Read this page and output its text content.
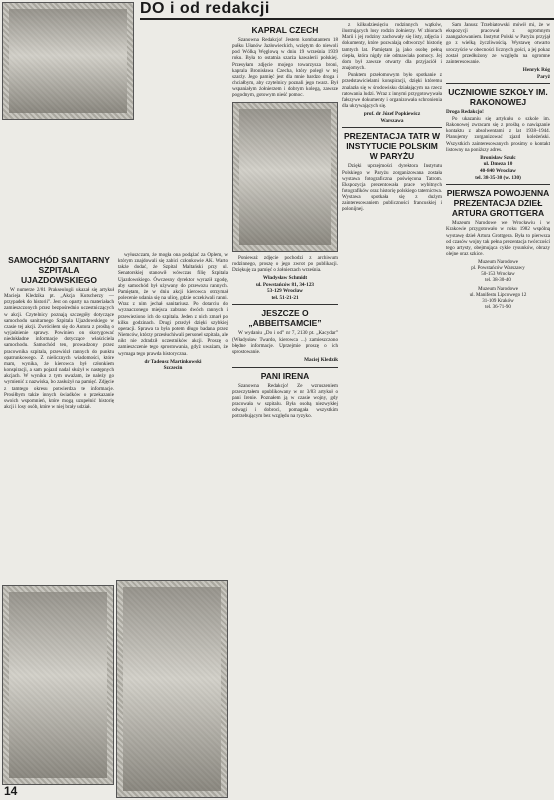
DO i od redakcji
SAMOCHÓD SANITARNY SZPITALA UJAZDOWSKIEGO

W numerze 2/81 Prakseologii ukazał się artykuł Macieja Kledzika pt. „Akcja Kutscherzy — przypadek do historii”. Jest on oparty na materiałach zamieszczonych przez bezpośrednio uczestniczących w akcji. Czytelnicy poznają szczegóły dotyczące samochodu sanitarnego Szpitala Ujazdowskiego w czasie tej akcji. Zwróciłem się do Autora z prośbą o wyjaśnienie sprawy. Powinien on skorygować niedokładne informacje dotyczące właściciela samochodu. Samochód ten, prowadzony przez pracownika szpitala, przewiózł rannych do punktu opatrunkowego. Z nielicznych wiadomości, które mam, wynika, że kierowca był członkiem konspiracji, a sam pojazd nadal służył w następnych akcjach. W wyniku z tym uważam, że należy go wymienić z nazwiska, bo zasłużył na pamięć. Zdjęcie z tamtego okresu potwierdza te informacje. Prosiłbym także innych świadków o przekazanie swoich wspomnień, które mogą uzupełnić historię akcji i losy osób, które w niej brały udział.

wyłuszczam, że mogła ona podążać za Oplem, w którym znajdowali się zabici członkowie AK. Warto także dodać, że Szpital Maltański przy ul. Senatorskiej stanowił wówczas filię Szpitala Ujazdowskiego. Ówczesny dyrektor wyraził zgodę, aby samochód był używany do przewozu rannych. Pamiętam, że w dniu akcji kierowca otrzymał polecenie udania się na ulicę, gdzie oczekiwali ranni. Wraz z nim jechał sanitariusz. Po dotarciu do wyznaczonego miejsca zabrano dwóch rannych i przewieziono ich do szpitala. Jeden z nich zmarł po kilku godzinach. Drugi przeżył dzięki szybkiej operacji. Sprawa ta była potem długo badana przez Niemców, którzy przesłuchiwali personel szpitala, ale nikt nie zdradził uczestników akcji. Proszę o zamieszczenie tego sprostowania, gdyż uważam, że wymaga tego prawda historyczna.

dr Tadeusz Martinkowski
Szczecin
KAPRAL CZECH

Szanowna Redakcjo! Jestem kombatantem 18 pułku Ułanów Jazłowieckich, wziętym do niewoli pod Wólką Węglową w dniu 19 września 1939 roku. Była to ostatnia szarża kawalerii polskiej. Przesyłam zdjęcie mojego towarzysza broni, kaprala Bronisława Czecha, który poległ w tej szarży. Jego pamięć jest dla mnie bardzo droga i chciałbym, aby czytelnicy poznali jego twarz. Był wspaniałym żołnierzem i dobrym kolegą, zawsze pogodnym, gotowym nieść pomoc.

Ponieważ zdjęcie pochodzi z archiwum rodzinnego, proszę o jego zwrot po publikacji. Dziękuję za pamięć o żołnierzach września.

Władysław Schmidt
ul. Powstańców 81, 34-123
53-129 Wrocław
tel. 51-21-21
JESZCZE O „ABBEITSAMCIE”

W wydaniu „Do i od” nr 7, 2130 pt. „Kacydar” (Władysław Twardo, kierowca ...) zamieszczono błędne informacje. Uprzejmie proszę o ich sprostowanie.

Maciej Kledzik
PANI IRENA

Szanowna Redakcjo! Ze wzruszeniem przeczytałem opublikowany w nr 3/83 artykuł o pani Irenie. Poznałem ją w czasie wojny, gdy pracowała w szpitalu. Była osobą niezwykłej odwagi i dobroci, pomagała wszystkim potrzebującym bez względu na ryzyko.

z kilkudziesięciu rodzinnych wątków, ilustrujących losy rodzin żołnierzy. W zbiorach Marii i jej rodziny zachowały się listy, zdjęcia i dokumenty, które pozwalają odtworzyć historię tamtych lat. Pamiętam ją jako osobę pełną ciepła, która nigdy nie odmawiała pomocy. Jej dom był zawsze otwarty dla przyjaciół i znajomych.

Punktem przełomowym było spotkanie z przedstawicielami konspiracji, dzięki któremu znalazła się w środowisku działającym na rzecz ratowania ludzi. Wraz z innymi przygotowywała fałszywe dokumenty i organizowała schronienia dla ukrywających się.

prof. dr Józef Popkiewicz
Warszawa
PREZENTACJA TATR W INSTYTUCIE POLSKIM W PARYŻU

Dzięki uprzejmości dyrektora Instytutu Polskiego w Paryżu zorganizowana została wystawa fotograficzna poświęcona Tatrom. Ekspozycja prezentowała prace wybitnych fotografików oraz historię polskiego taternictwa. Wystawa spotkała się z dużym zainteresowaniem publiczności francuskiej i polonijnej.

Sam Janusz Trzebiatowski mówił mi, że w ekspozycji pracował z ogromnym zaangażowaniem. Instytut Polski w Paryżu przyjął go z wielką życzliwością. Wystawę otwarto uroczyście w obecności licznych gości, a jej pokaz został przedłużony ze względu na ogromne zainteresowanie.

Henryk Róg
Paryż
UCZNIOWIE SZKOŁY IM. RAKONOWEJ
Droga Redakcjo!

Po ukazaniu się artykułu o szkole im. Rakonowej zwracam się z prośbą o nawiązanie kontaktu z absolwentami z lat 1938–1944. Planujemy zorganizować zjazd koleżeński. Wszystkich zainteresowanych prosimy o kontakt listowny na poniższy adres.

Bronisław Szulc
ul. Dmeza 10
40-840 Wrocław
tel. 38-35-30 (w. 130)
PIERWSZA POWOJENNA PREZENTACJA DZIEŁ ARTURA GROTTGERA

Muzeum Narodowe we Wrocławiu i w Krakowie przygotowało w roku 1982 wspólną wystawę dzieł Artura Grottgera. Była to pierwsza od czasów wojny tak pełna prezentacja twórczości tego artysty, obejmująca cykle rysunków, obrazy olejne oraz szkice.

Muzeum Narodowe
pl. Powstańców Warszawy
50-153 Wrocław
tel. 38-30-40
Muzeum Narodowe
ul. Manifestu Lipcowego 12
31-109 Kraków
tel. 36-71-90
14
